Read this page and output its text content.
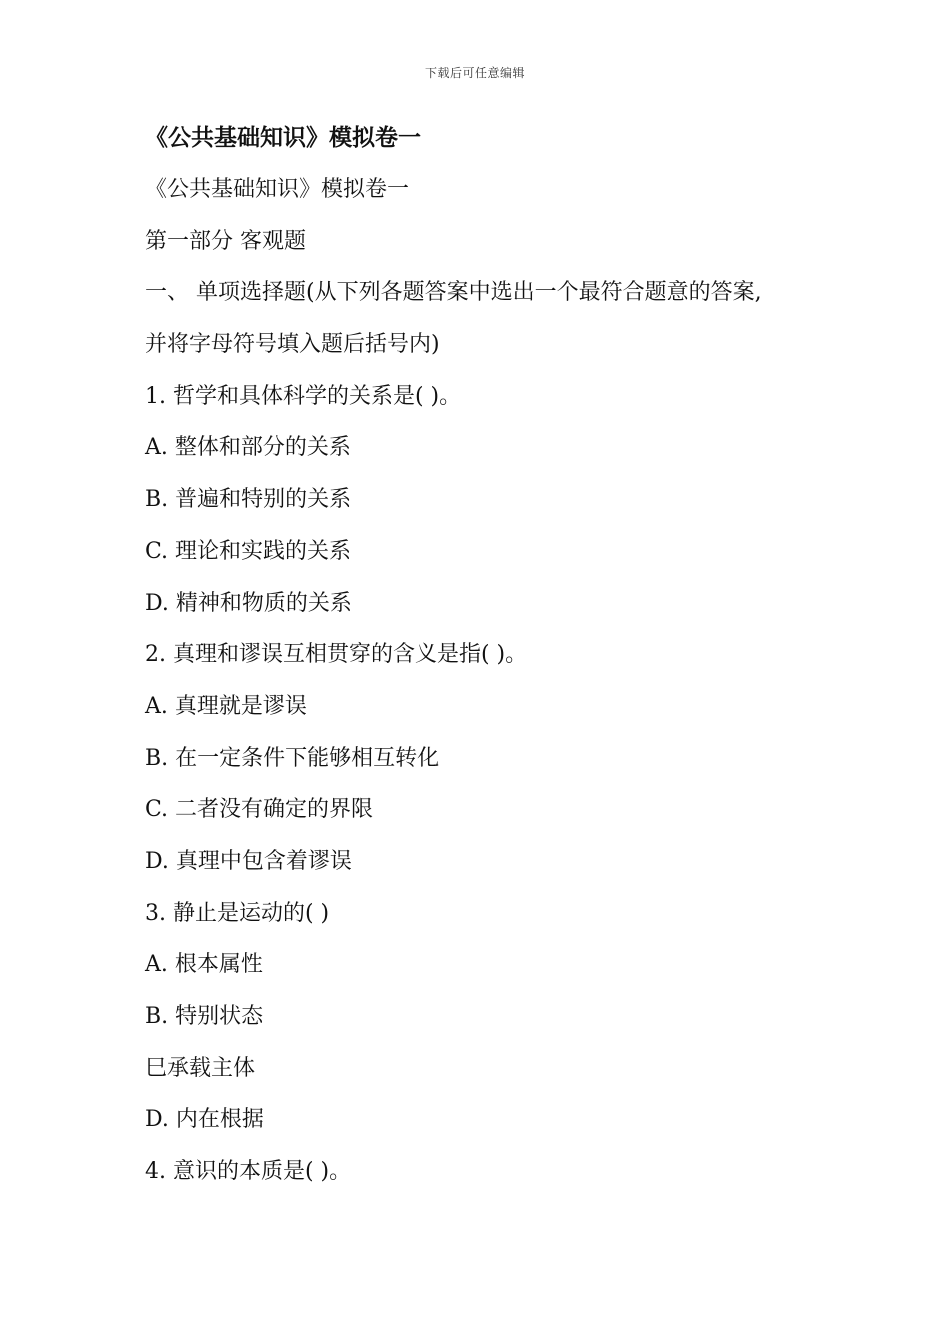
下载后可任意编辑
《公共基础知识》模拟卷一
《公共基础知识》模拟卷一
第一部分 客观题
一、 单项选择题(从下列各题答案中选出一个最符合题意的答案,
并将字母符号填入题后括号内)
1. 哲学和具体科学的关系是( )。
A. 整体和部分的关系
B. 普遍和特别的关系
C. 理论和实践的关系
D. 精神和物质的关系
2. 真理和谬误互相贯穿的含义是指( )。
A. 真理就是谬误
B. 在一定条件下能够相互转化
C. 二者没有确定的界限
D. 真理中包含着谬误
3. 静止是运动的( )
A. 根本属性
B. 特别状态
巳承载主体
D. 内在根据
4. 意识的本质是( )。
